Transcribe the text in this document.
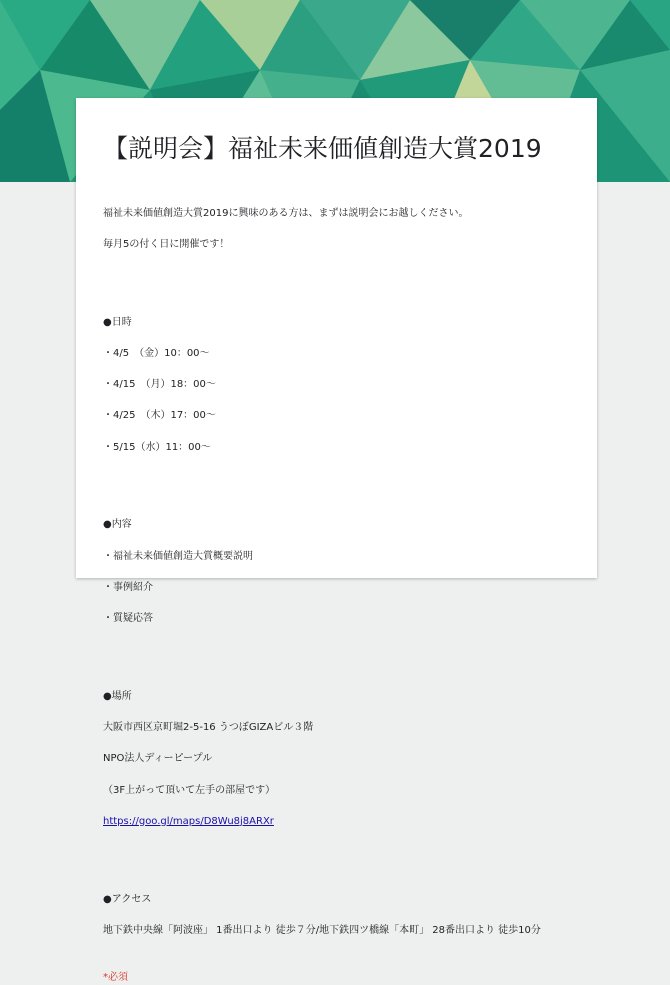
【説明会】福祉未来価値創造大賞2019

福祉未来価値創造大賞2019に興味のある方は、まずは説明会にお越しください。

毎月5の付く日に開催です！

●日時

・4/5　（金）10：00〜

・4/15　（月）18：00〜

・4/25　（木）17：00〜

・5/15（水）11：00〜

●内容

・福祉未来価値創造大賞概要説明

・事例紹介

・質疑応答

●場所

大阪市西区京町堀2-5-16 うつぼGIZAビル３階

NPO法人ディーピープル

（3F上がって頂いて左手の部屋です）

https://goo.gl/maps/D8Wu8j8ARXr

●アクセス

地下鉄中央線「阿波座」 1番出口より 徒歩７分/地下鉄四ツ橋線「本町」 28番出口より 徒歩10分

*必須
